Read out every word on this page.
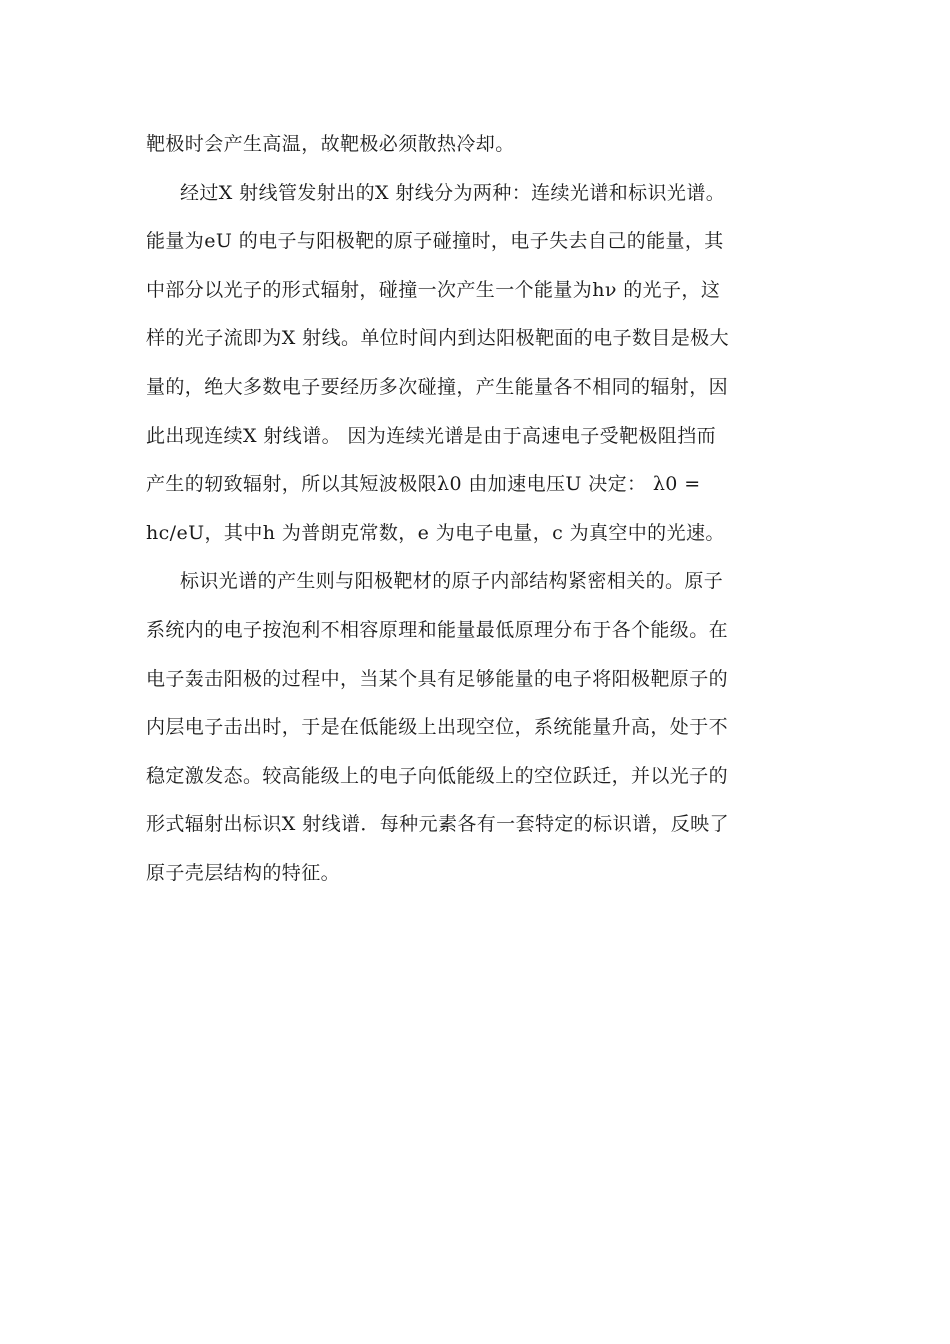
靶极时会产生高温，故靶极必须散热冷却。
经过X 射线管发射出的X 射线分为两种：连续光谱和标识光谱。
能量为eU 的电子与阳极靶的原子碰撞时，电子失去自己的能量，其
中部分以光子的形式辐射，碰撞一次产生一个能量为hν 的光子，这
样的光子流即为X 射线。单位时间内到达阳极靶面的电子数目是极大
量的，绝大多数电子要经历多次碰撞，产生能量各不相同的辐射，因
此出现连续X 射线谱。 因为连续光谱是由于高速电子受靶极阻挡而
产生的轫致辐射，所以其短波极限λ0 由加速电压U 决定： λ0 =
hc/eU，其中h 为普朗克常数，e 为电子电量，c 为真空中的光速。
标识光谱的产生则与阳极靶材的原子内部结构紧密相关的。原子
系统内的电子按泡利不相容原理和能量最低原理分布于各个能级。在
电子轰击阳极的过程中，当某个具有足够能量的电子将阳极靶原子的
内层电子击出时，于是在低能级上出现空位，系统能量升高，处于不
稳定激发态。较高能级上的电子向低能级上的空位跃迁，并以光子的
形式辐射出标识X 射线谱．每种元素各有一套特定的标识谱，反映了
原子壳层结构的特征。
